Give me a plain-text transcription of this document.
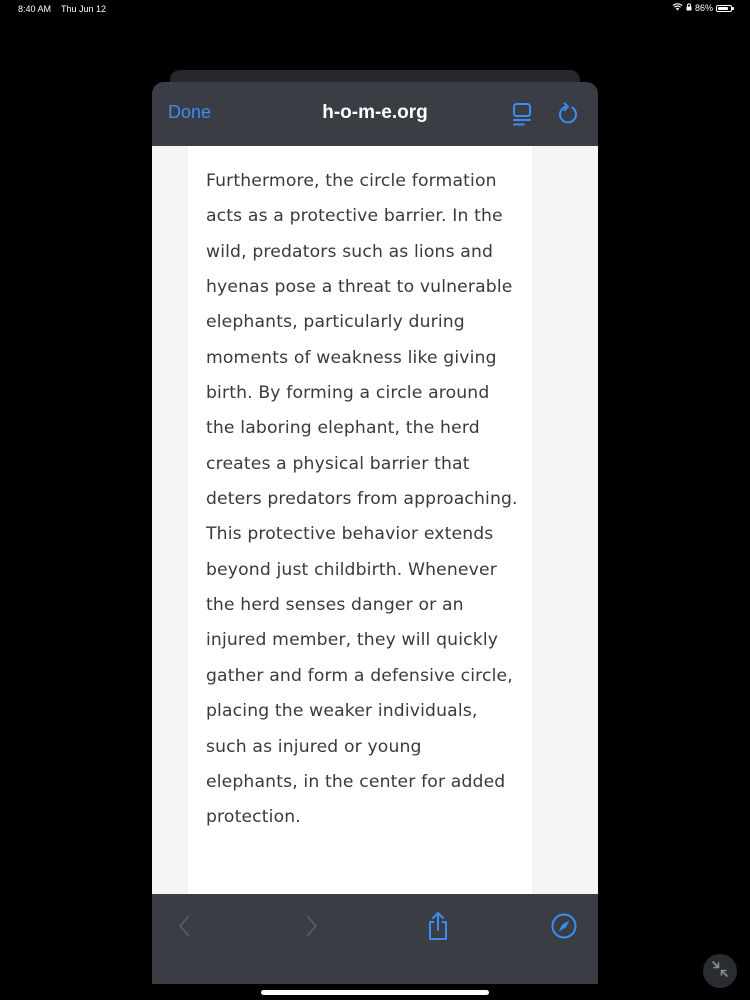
8:40 AM Thu Jun 12	86%
Done	h-o-m-e.org

Furthermore, the circle formation acts as a protective barrier. In the wild, predators such as lions and hyenas pose a threat to vulnerable elephants, particularly during moments of weakness like giving birth. By forming a circle around the laboring elephant, the herd creates a physical barrier that deters predators from approaching. This protective behavior extends beyond just childbirth. Whenever the herd senses danger or an injured member, they will quickly gather and form a defensive circle, placing the weaker individuals, such as injured or young elephants, in the center for added protection.
